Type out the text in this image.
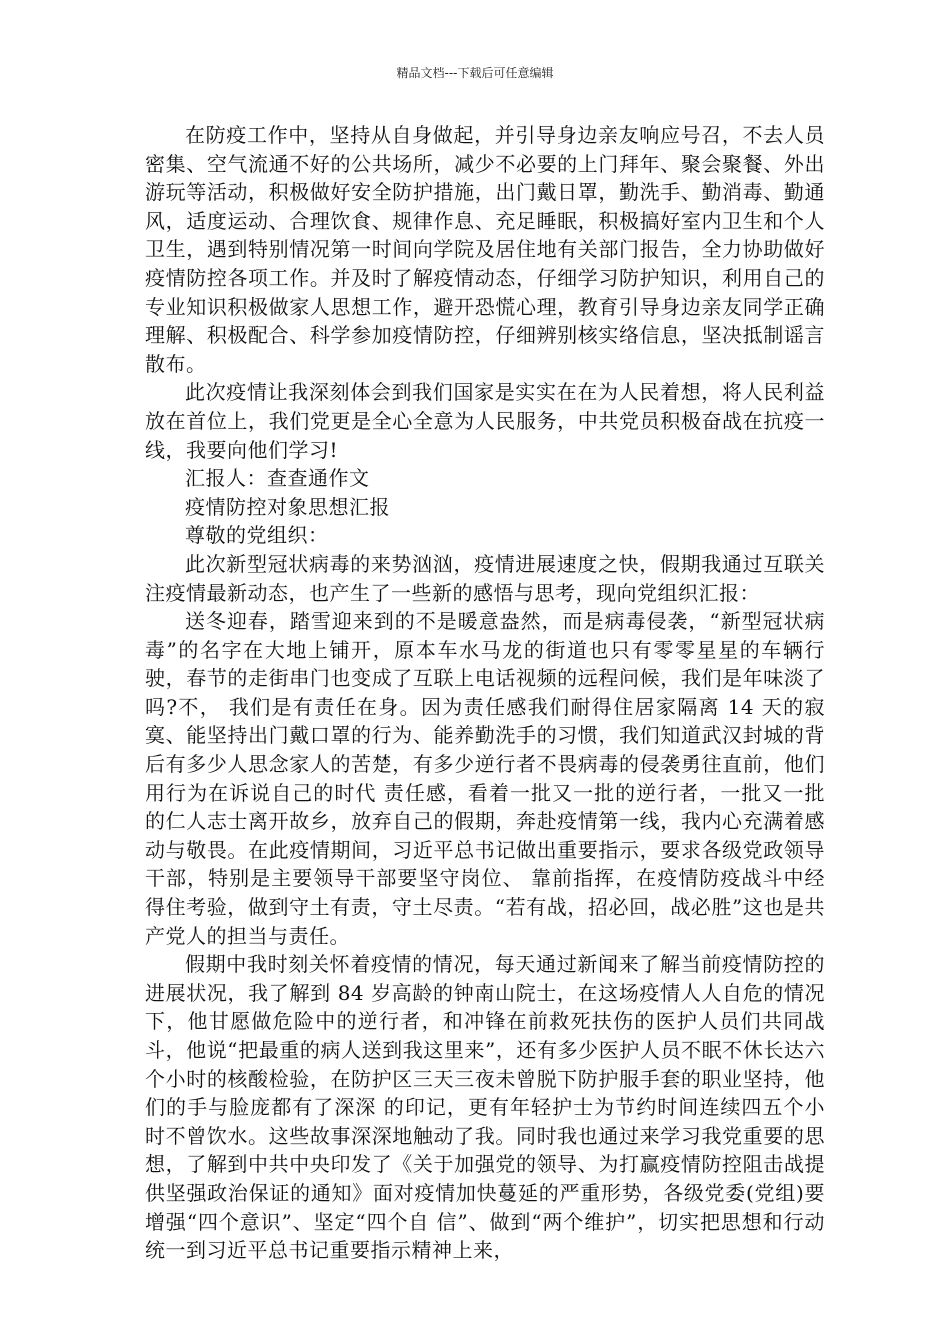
精品文档---下载后可任意编辑

在防疫工作中，坚持从自身做起，并引导身边亲友响应号召，不去人员密集、空气流通不好的公共场所，减少不必要的上门拜年、聚会聚餐、外出游玩等活动，积极做好安全防护措施，出门戴日罩，勤洗手、勤消毒、勤通风，适度运动、合理饮食、规律作息、充足睡眠，积极搞好室内卫生和个人卫生，遇到特别情况第一时间向学院及居住地有关部门报告，全力协助做好疫情防控各项工作。并及时了解疫情动态，仔细学习防护知识，利用自己的专业知识积极做家人思想工作，避开恐慌心理，教育引导身边亲友同学正确理解、积极配合、科学参加疫情防控，仔细辨别核实络信息，坚决抵制谣言散布。

此次疫情让我深刻体会到我们国家是实实在在为人民着想，将人民利益放在首位上，我们党更是全心全意为人民服务，中共党员积极奋战在抗疫一线，我要向他们学习!

汇报人：查查通作文

疫情防控对象思想汇报

尊敬的党组织：

此次新型冠状病毒的来势汹汹，疫情进展速度之快，假期我通过互联关注疫情最新动态，也产生了一些新的感悟与思考，现向党组织汇报：

送冬迎春，踏雪迎来到的不是暖意盎然，而是病毒侵袭，“新型冠状病毒”的名字在大地上铺开，原本车水马龙的街道也只有零零星星的车辆行驶，春节的走街串门也变成了互联上电话视频的远程问候，我们是年味淡了吗?不， 我们是有责任在身。因为责任感我们耐得住居家隔离 14 天的寂寞、能坚持出门戴口罩的行为、能养勤洗手的习惯，我们知道武汉封城的背后有多少人思念家人的苦楚，有多少逆行者不畏病毒的侵袭勇往直前，他们用行为在诉说自己的时代 责任感，看着一批又一批的逆行者，一批又一批的仁人志士离开故乡，放弃自己的假期，奔赴疫情第一线，我内心充满着感动与敬畏。在此疫情期间，习近平总书记做出重要指示，要求各级党政领导干部，特别是主要领导干部要坚守岗位、 靠前指挥，在疫情防疫战斗中经得住考验，做到守土有责，守土尽责。“若有战，招必回，战必胜”这也是共产党人的担当与责任。

假期中我时刻关怀着疫情的情况，每天通过新闻来了解当前疫情防控的进展状况，我了解到 84 岁高龄的钟南山院士，在这场疫情人人自危的情况下，他甘愿做危险中的逆行者，和冲锋在前救死扶伤的医护人员们共同战斗，他说“把最重的病人送到我这里来”，还有多少医护人员不眠不休长达六个小时的核酸检验，在防护区三天三夜未曾脱下防护服手套的职业坚持，他们的手与脸庞都有了深深 的印记，更有年轻护士为节约时间连续四五个小时不曾饮水。这些故事深深地触动了我。同时我也通过来学习我党重要的思想，了解到中共中央印发了《关于加强党的领导、为打赢疫情防控阻击战提供坚强政治保证的通知》面对疫情加快蔓延的严重形势，各级党委(党组)要增强“四个意识”、坚定“四个自 信”、做到“两个维护”，切实把思想和行动统一到习近平总书记重要指示精神上来，
